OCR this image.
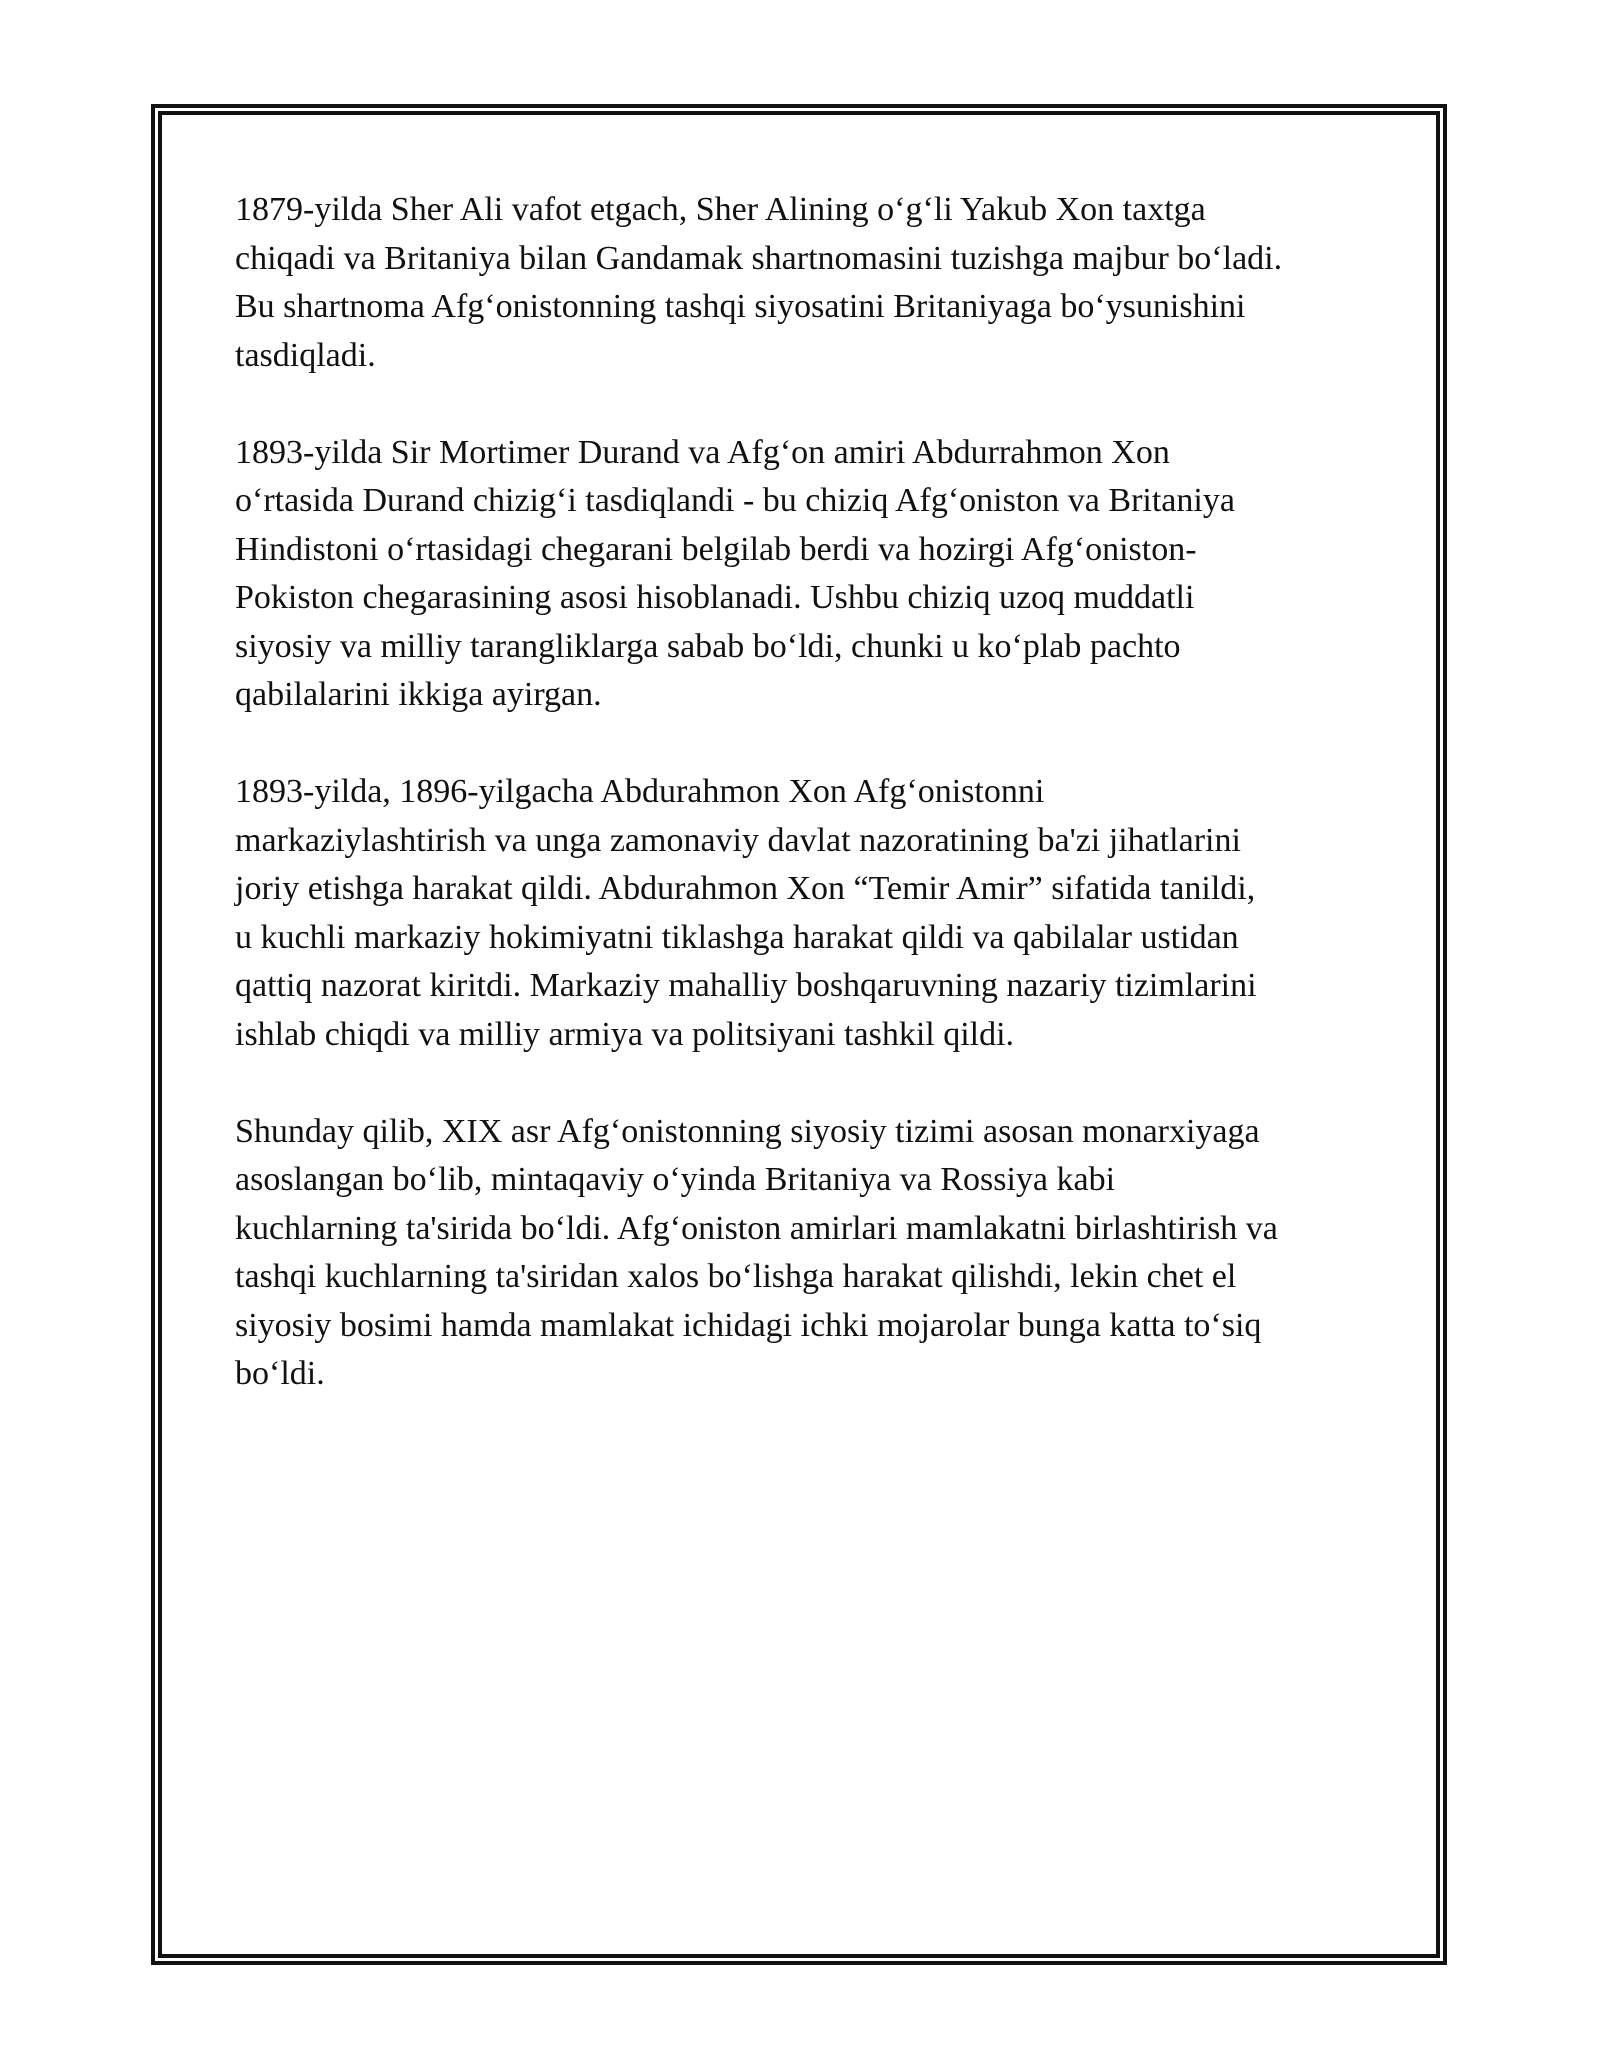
1879-yilda Sher Ali vafot etgach, Sher Alining o‘g‘li Yakub Xon taxtga
chiqadi va Britaniya bilan Gandamak shartnomasini tuzishga majbur bo‘ladi.
Bu shartnoma Afg‘onistonning tashqi siyosatini Britaniyaga bo‘ysunishini
tasdiqladi.

1893-yilda Sir Mortimer Durand va Afg‘on amiri Abdurrahmon Xon
o‘rtasida Durand chizig‘i tasdiqlandi - bu chiziq Afg‘oniston va Britaniya
Hindistoni o‘rtasidagi chegarani belgilab berdi va hozirgi Afg‘oniston-
Pokiston chegarasining asosi hisoblanadi. Ushbu chiziq uzoq muddatli
siyosiy va milliy tarangliklarga sabab bo‘ldi, chunki u ko‘plab pachto
qabilalarini ikkiga ayirgan.

1893-yilda, 1896-yilgacha Abdurahmon Xon Afg‘onistonni
markaziylashtirish va unga zamonaviy davlat nazoratining ba'zi jihatlarini
joriy etishga harakat qildi. Abdurahmon Xon “Temir Amir” sifatida tanildi,
u kuchli markaziy hokimiyatni tiklashga harakat qildi va qabilalar ustidan
qattiq nazorat kiritdi. Markaziy mahalliy boshqaruvning nazariy tizimlarini
ishlab chiqdi va milliy armiya va politsiyani tashkil qildi.

Shunday qilib, XIX asr Afg‘onistonning siyosiy tizimi asosan monarxiyaga
asoslangan bo‘lib, mintaqaviy o‘yinda Britaniya va Rossiya kabi
kuchlarning ta'sirida bo‘ldi. Afg‘oniston amirlari mamlakatni birlashtirish va
tashqi kuchlarning ta'siridan xalos bo‘lishga harakat qilishdi, lekin chet el
siyosiy bosimi hamda mamlakat ichidagi ichki mojarolar bunga katta to‘siq
bo‘ldi.
